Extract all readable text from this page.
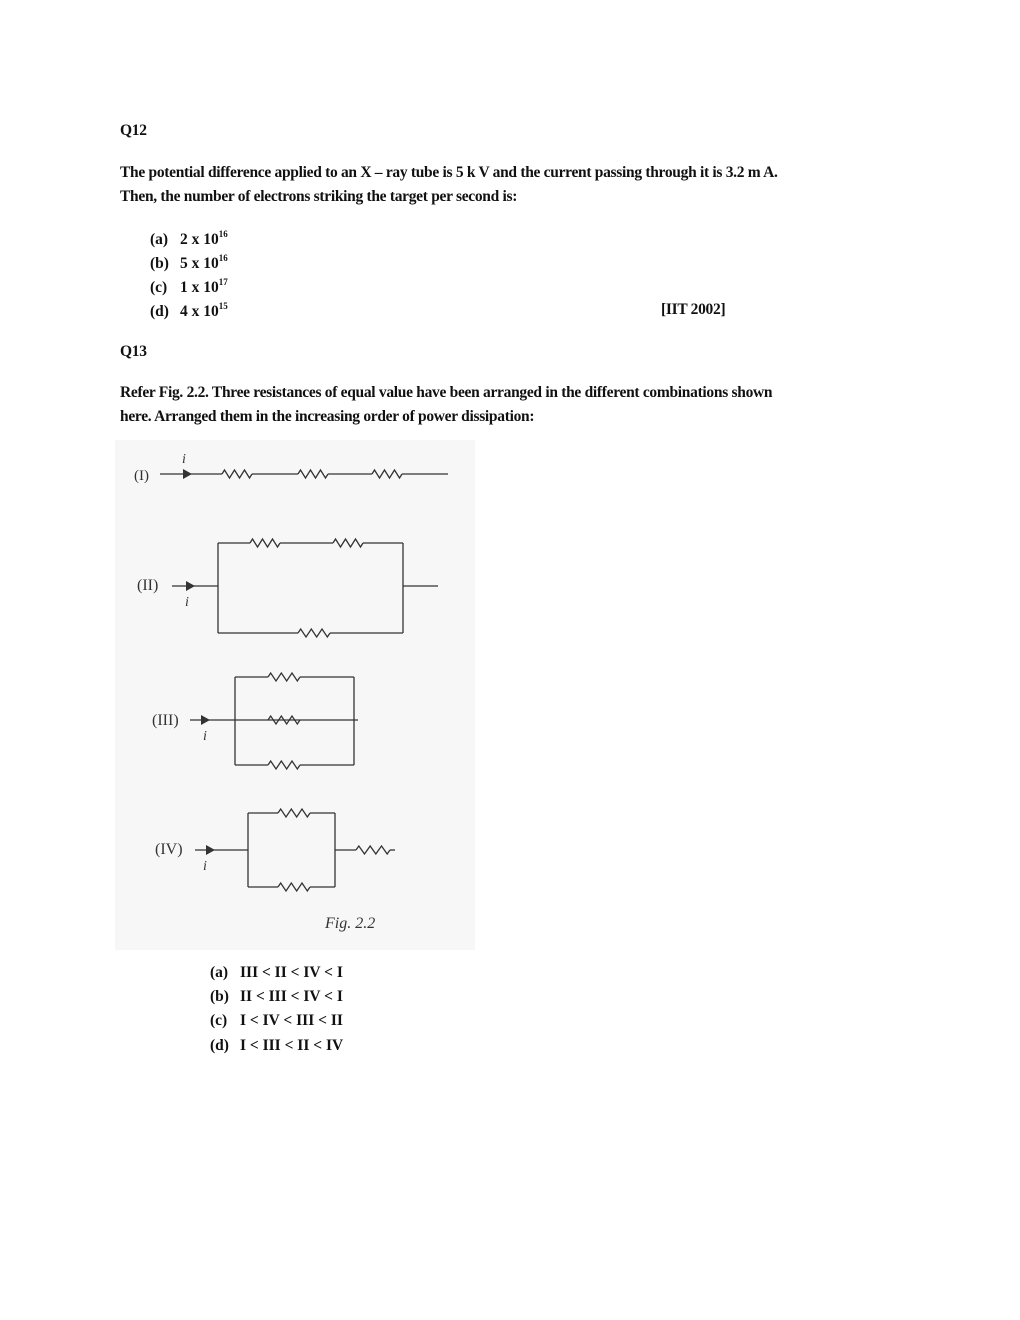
Q12
The potential difference applied to an X – ray tube is 5 k V and the current passing through it is 3.2 m A.
Then, the number of electrons striking the target per second is:
(a) 2 x $10^{16}$
(b) 5 x $10^{16}$
(c) 1 x $10^{17}$
(d) 4 x $10^{15}$	[IIT 2002]
Q13
Refer Fig. 2.2. Three resistances of equal value have been arranged in the different combinations shown
here. Arranged them in the increasing order of power dissipation:
(I)
i
(II)
i
(III)
i
(IV)
i
Fig. 2.2
(a) III < II < IV < I
(b) II < III < IV < I
(c) I < IV < III < II
(d) I < III < II < IV
